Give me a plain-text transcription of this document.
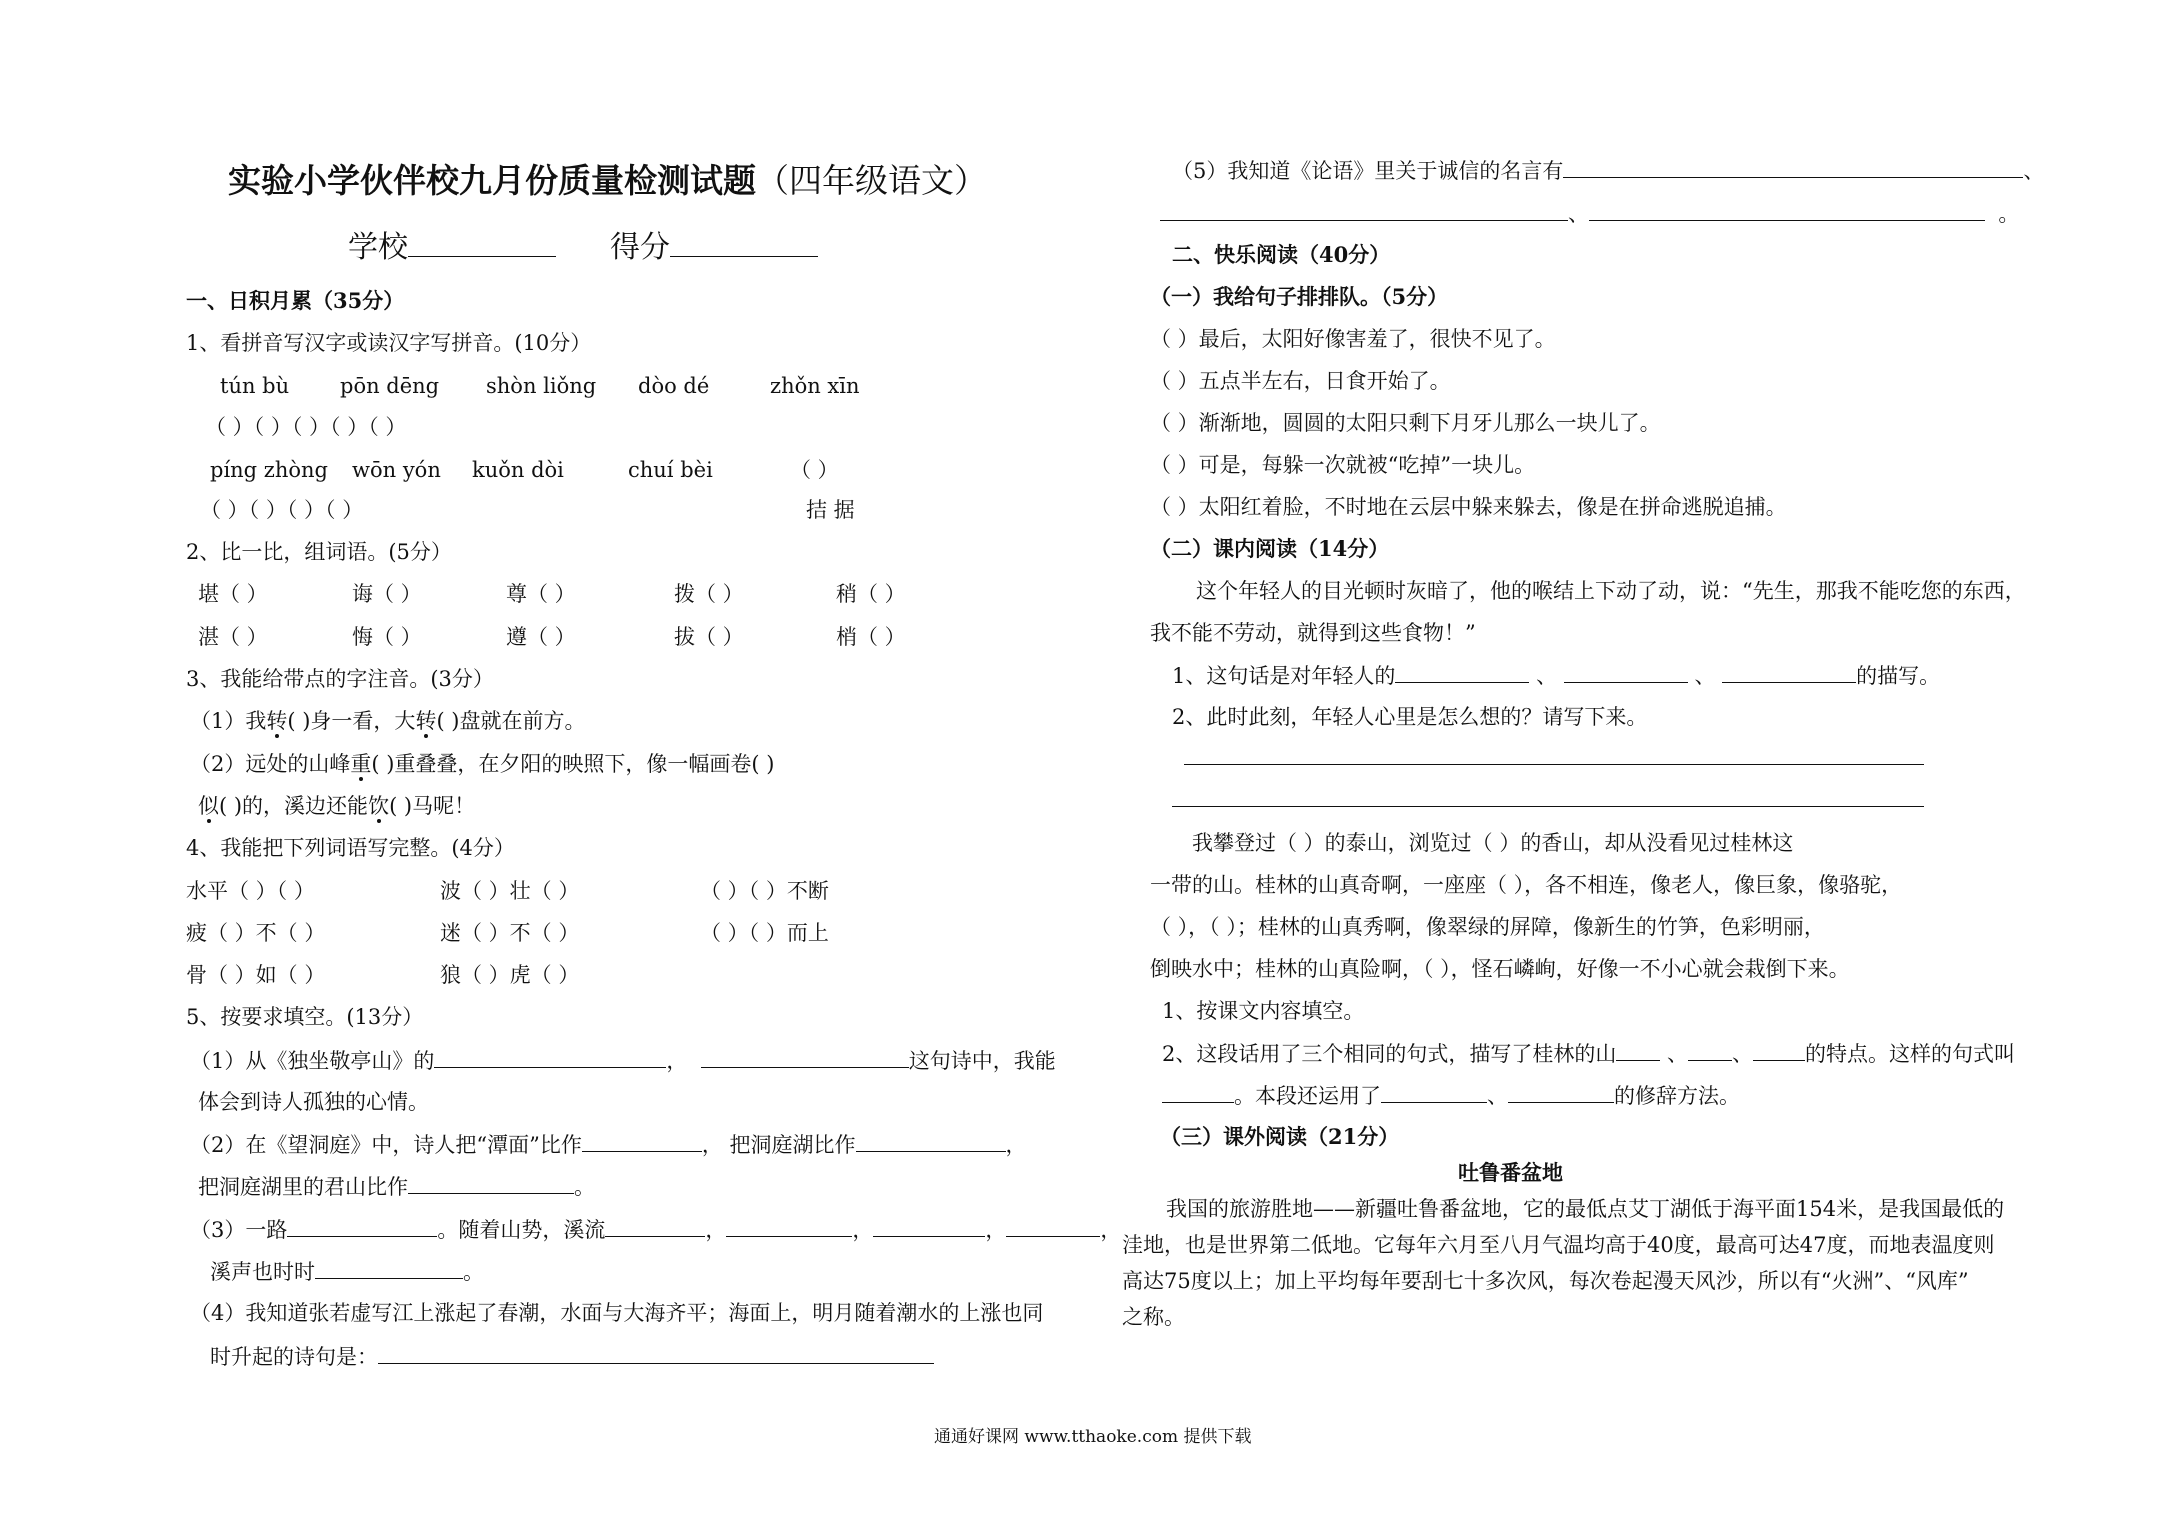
实验小学伙伴校九月份质量检测试题（四年级语文）
学校	得分
一、日积月累（35分）
1、看拼音写汉字或读汉字写拼音。(10分）
tún bù pōn dēng shòn liǒng dòo dé	zhǒn xīn
（ ）（ ）（ ）（ ）（ ）
píng zhòng wōn yón kuǒn dòi	chuí bèi	（ ）
（ ）（ ）（ ）（ ）	拮 据
2、比一比，组词语。(5分）
堪（ ）	诲（ ）	尊（ ）	拨（ ）	稍（ ）
湛（ ）	悔（ ）	遵（ ）	拔（ ）	梢（ ）
3、我能给带点的字注音。(3分）
（1）我转( )身一看，大转( )盘就在前方。
（2）远处的山峰重( )重叠叠，在夕阳的映照下，像一幅画卷( )
似( )的，溪边还能饮( )马呢！
4、我能把下列词语写完整。(4分）
水平（ ）（ ）	波（ ）壮（ ）	（ ）（ ）不断
疲（ ）不（ ）	迷（ ）不（ ）	（ ）（ ）而上
骨（ ）如（ ）	狼（ ）虎（ ）
5、按要求填空。(13分）
（1）从《独坐敬亭山》的	，	这句诗中，我能
体会到诗人孤独的心情。
（2）在《望洞庭》中，诗人把“潭面”比作	， 把洞庭湖比作	，
把洞庭湖里的君山比作	。
（3）一路	。随着山势，溪流	，	，	，	，
溪声也时时	。
（4）我知道张若虚写江上涨起了春潮，水面与大海齐平；海面上，明月随着潮水的上涨也同
时升起的诗句是：
（5）我知道《论语》里关于诚信的名言有	、
、	。
二、快乐阅读（40分）
（一）我给句子排排队。（5分）
（ ）最后，太阳好像害羞了，很快不见了。
（ ）五点半左右，日食开始了。
（ ）渐渐地，圆圆的太阳只剩下月牙儿那么一块儿了。
（ ）可是，每躲一次就被“吃掉”一块儿。
（ ）太阳红着脸，不时地在云层中躲来躲去，像是在拼命逃脱追捕。
（二）课内阅读（14分）
这个年轻人的目光顿时灰暗了，他的喉结上下动了动，说：“先生，那我不能吃您的东西，
我不能不劳动，就得到这些食物！”
1、这句话是对年轻人的	、	、	的描写。
2、此时此刻，年轻人心里是怎么想的？请写下来。
我攀登过（ ）的泰山，浏览过（ ）的香山，却从没看见过桂林这
一带的山。桂林的山真奇啊，一座座（ ），各不相连，像老人，像巨象，像骆驼，
（ ），（ ）；桂林的山真秀啊，像翠绿的屏障，像新生的竹笋，色彩明丽，
倒映水中；桂林的山真险啊，（ ），怪石嶙峋，好像一不小心就会栽倒下来。
1、按课文内容填空。
2、这段话用了三个相同的句式，描写了桂林的山 、 、 的特点。这样的句式叫
。本段还运用了	、	的修辞方法。
（三）课外阅读（21分）
吐鲁番盆地
我国的旅游胜地——新疆吐鲁番盆地，它的最低点艾丁湖低于海平面154米，是我国最低的
洼地，也是世界第二低地。它每年六月至八月气温均高于40度，最高可达47度，而地表温度则
高达75度以上；加上平均每年要刮七十多次风，每次卷起漫天风沙，所以有“火洲”、“风库”
之称。
通通好课网 www.tthaoke.com 提供下载
